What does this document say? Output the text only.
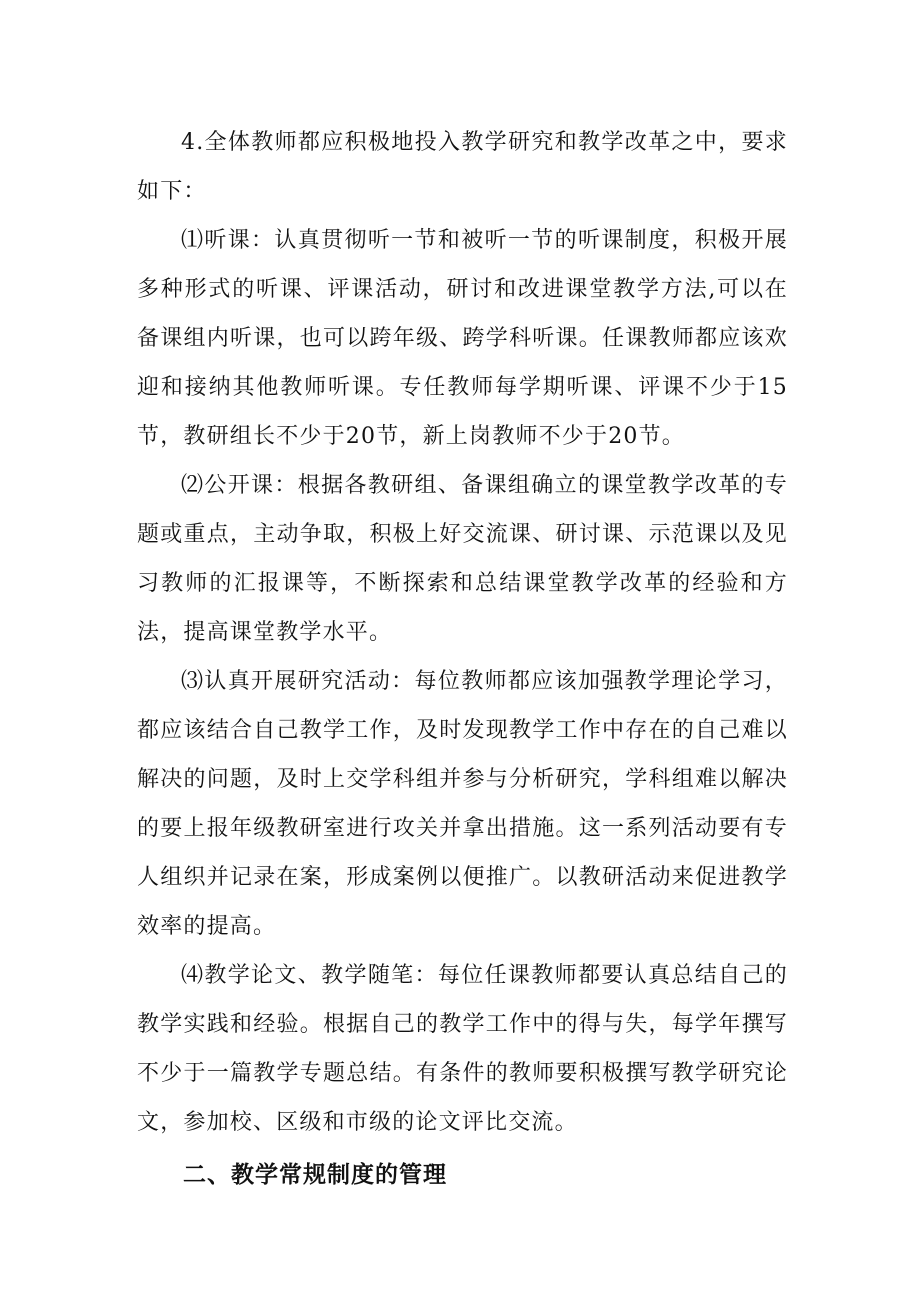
4.全体教师都应积极地投入教学研究和教学改革之中，要求如下：

⑴听课：认真贯彻听一节和被听一节的听课制度，积极开展多种形式的听课、评课活动，研讨和改进课堂教学方法,可以在备课组内听课，也可以跨年级、跨学科听课。任课教师都应该欢迎和接纳其他教师听课。专任教师每学期听课、评课不少于15节，教研组长不少于20节，新上岗教师不少于20节。

⑵公开课：根据各教研组、备课组确立的课堂教学改革的专题或重点，主动争取，积极上好交流课、研讨课、示范课以及见习教师的汇报课等，不断探索和总结课堂教学改革的经验和方法，提高课堂教学水平。

⑶认真开展研究活动：每位教师都应该加强教学理论学习，都应该结合自己教学工作，及时发现教学工作中存在的自己难以解决的问题，及时上交学科组并参与分析研究，学科组难以解决的要上报年级教研室进行攻关并拿出措施。这一系列活动要有专人组织并记录在案，形成案例以便推广。以教研活动来促进教学效率的提高。

⑷教学论文、教学随笔：每位任课教师都要认真总结自己的教学实践和经验。根据自己的教学工作中的得与失，每学年撰写不少于一篇教学专题总结。有条件的教师要积极撰写教学研究论文，参加校、区级和市级的论文评比交流。

二、教学常规制度的管理
